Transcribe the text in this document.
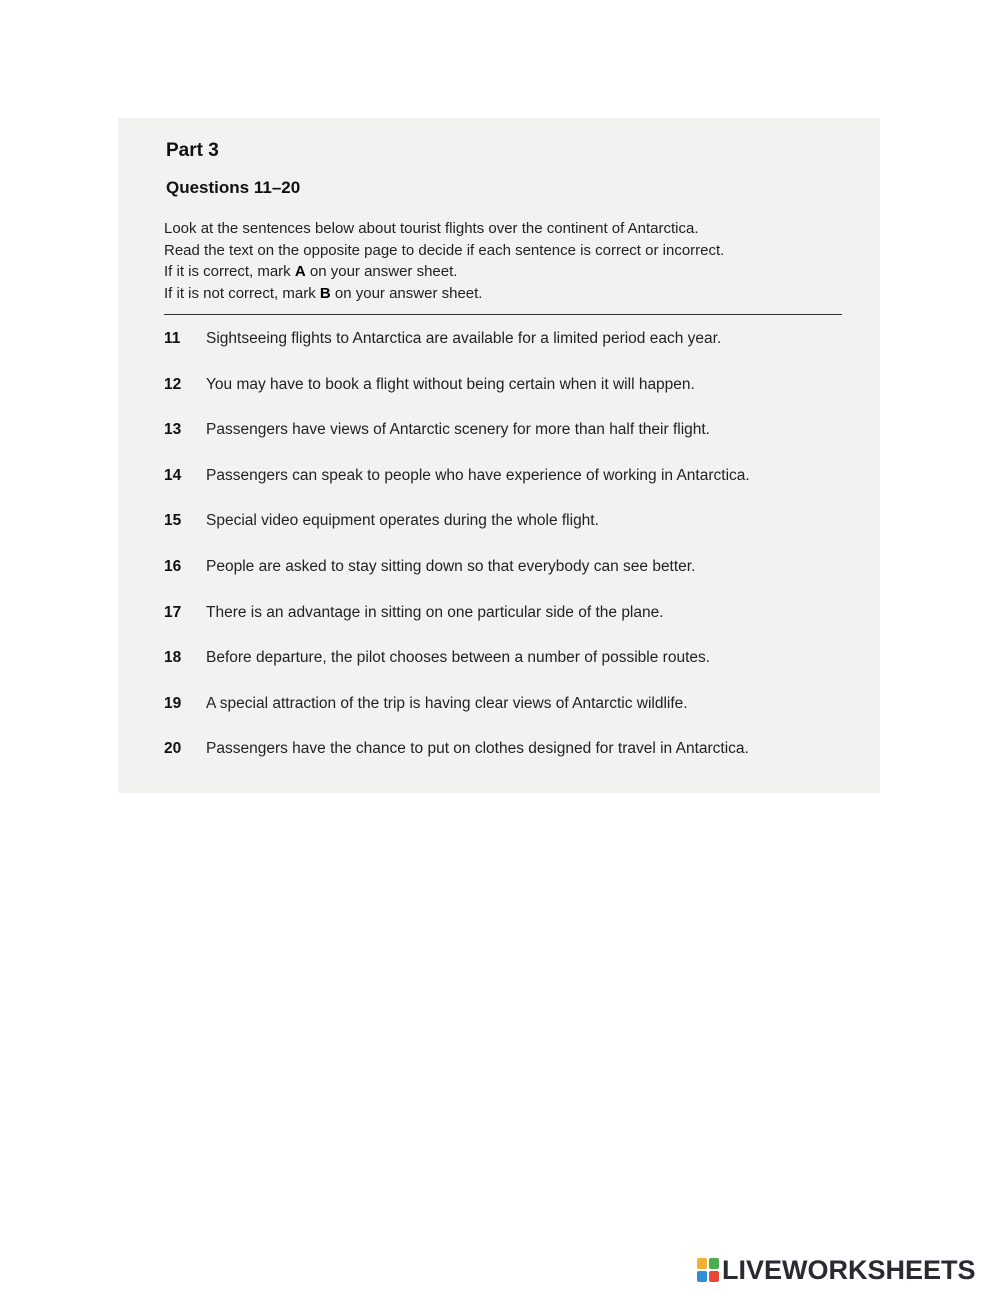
Part 3
Questions 11–20

Look at the sentences below about tourist flights over the continent of Antarctica.

Read the text on the opposite page to decide if each sentence is correct or incorrect.

If it is correct, mark A on your answer sheet.

If it is not correct, mark B on your answer sheet.

11	Sightseeing flights to Antarctica are available for a limited period each year.
12	You may have to book a flight without being certain when it will happen.
13	Passengers have views of Antarctic scenery for more than half their flight.
14	Passengers can speak to people who have experience of working in Antarctica.
15	Special video equipment operates during the whole flight.
16	People are asked to stay sitting down so that everybody can see better.
17	There is an advantage in sitting on one particular side of the plane.
18	Before departure, the pilot chooses between a number of possible routes.
19	A special attraction of the trip is having clear views of Antarctic wildlife.
20	Passengers have the chance to put on clothes designed for travel in Antarctica.
LIVEWORKSHEETS
